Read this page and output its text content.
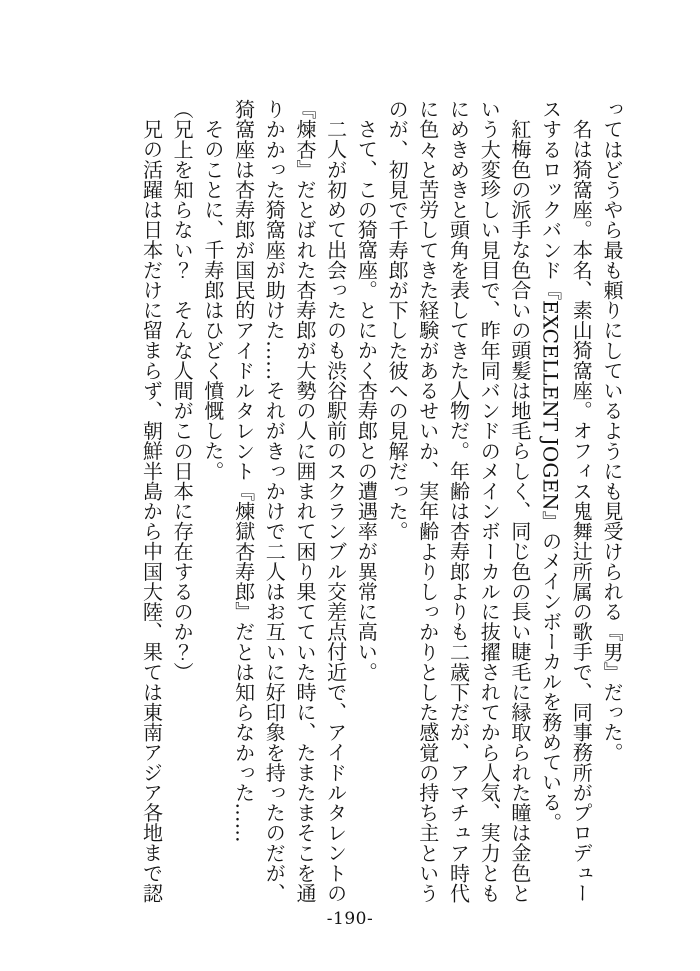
ってはどうやら最も頼りにしているようにも見受けられる『男』だった。

名は猗窩座。本名、素山猗窩座。オフィス鬼舞辻所属の歌手で、同事務所がプロデュー

スするロックバンド『EXCELLENT JOGEN』のメインボーカルを務めている。

紅梅色の派手な色合いの頭髪は地毛らしく、同じ色の長い睫毛に縁取られた瞳は金色と

いう大変珍しい見目で、昨年同バンドのメインボーカルに抜擢されてから人気、実力とも

にめきめきと頭角を表してきた人物だ。年齢は杏寿郎よりも二歳下だが、アマチュア時代

に色々と苦労してきた経験があるせいか、実年齢よりしっかりとした感覚の持ち主という

のが、初見で千寿郎が下した彼への見解だった。

さて、この猗窩座。とにかく杏寿郎との遭遇率が異常に高い。

二人が初めて出会ったのも渋谷駅前のスクランブル交差点付近で、アイドルタレントの

『煉杏』だとばれた杏寿郎が大勢の人に囲まれて困り果てていた時に、たまたまそこを通

りかかった猗窩座が助けた……それがきっかけで二人はお互いに好印象を持ったのだが、

猗窩座は杏寿郎が国民的アイドルタレント『煉獄杏寿郎』だとは知らなかった……

そのことに、千寿郎はひどく憤慨した。

（兄上を知らない？　そんな人間がこの日本に存在するのか？）

兄の活躍は日本だけに留まらず、朝鮮半島から中国大陸、果ては東南アジア各地まで認

-190-
